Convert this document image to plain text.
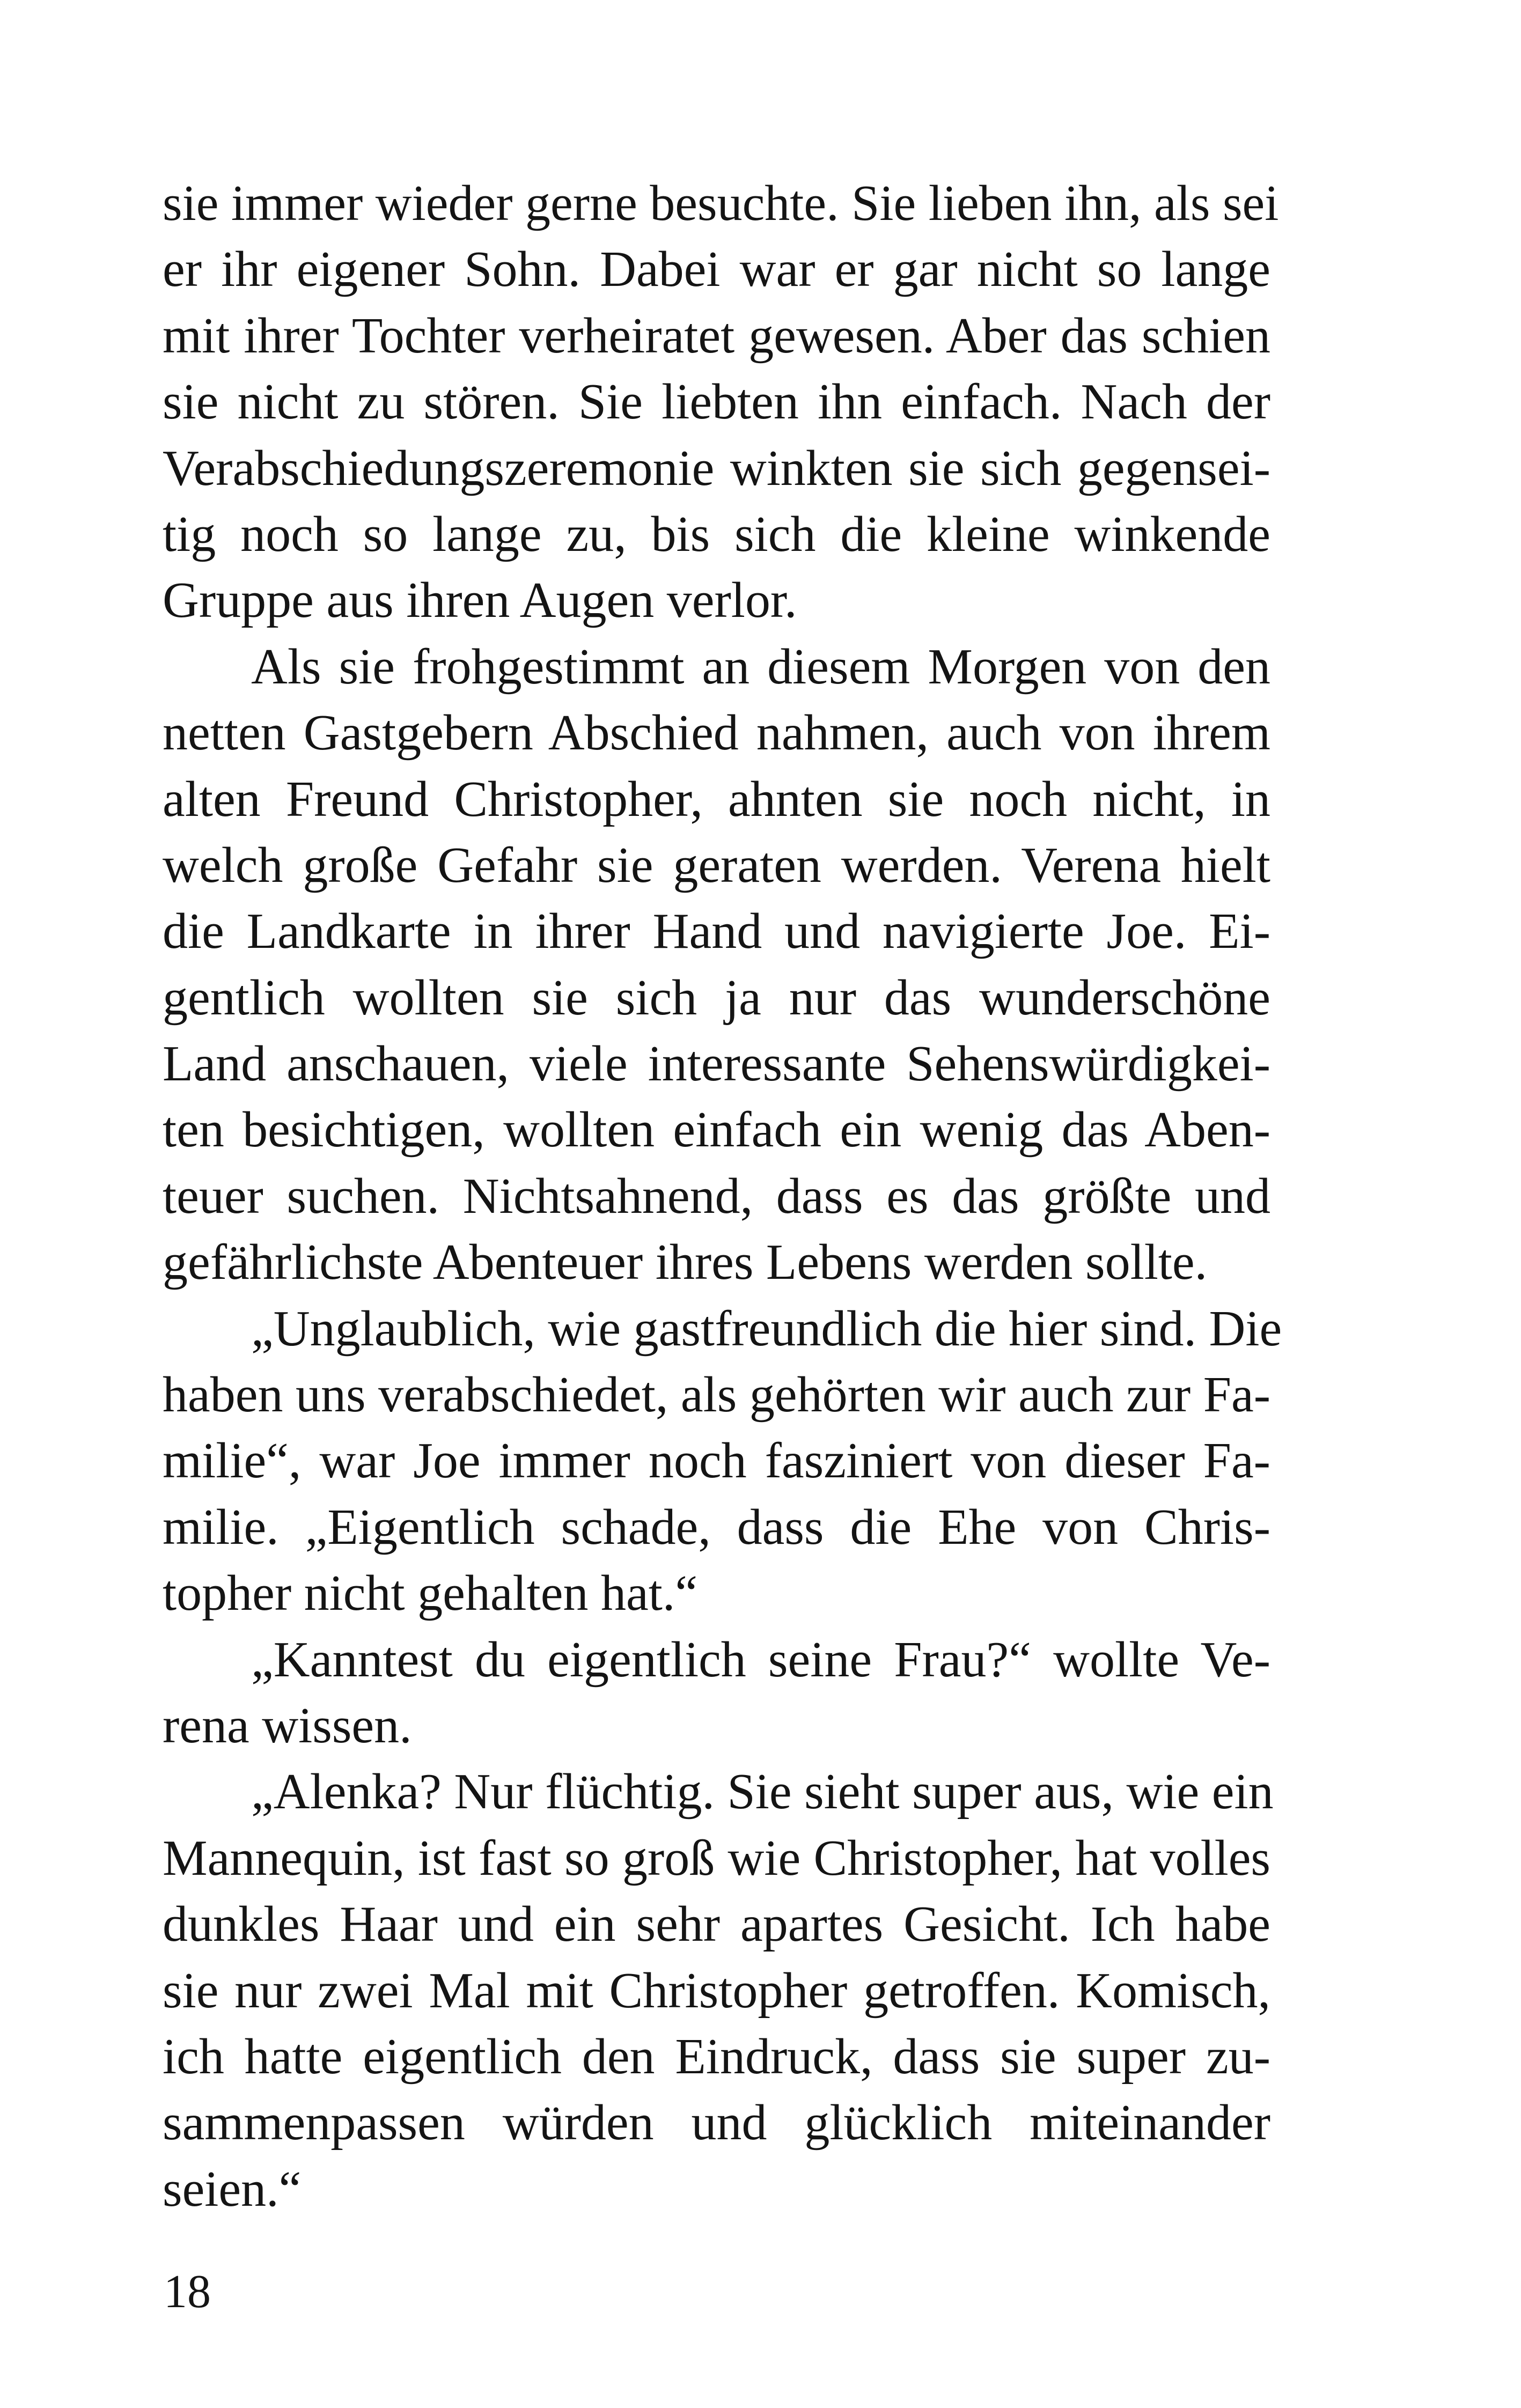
sie immer wieder gerne besuchte. Sie lieben ihn, als sei
er ihr eigener Sohn. Dabei war er gar nicht so lange
mit ihrer Tochter verheiratet gewesen. Aber das schien
sie nicht zu stören. Sie liebten ihn einfach. Nach der
Verabschiedungszeremonie winkten sie sich gegensei-
tig noch so lange zu, bis sich die kleine winkende
Gruppe aus ihren Augen verlor.

Als sie frohgestimmt an diesem Morgen von den
netten Gastgebern Abschied nahmen, auch von ihrem
alten Freund Christopher, ahnten sie noch nicht, in
welch große Gefahr sie geraten werden. Verena hielt
die Landkarte in ihrer Hand und navigierte Joe. Ei-
gentlich wollten sie sich ja nur das wunderschöne
Land anschauen, viele interessante Sehenswürdigkei-
ten besichtigen, wollten einfach ein wenig das Aben-
teuer suchen. Nichtsahnend, dass es das größte und
gefährlichste Abenteuer ihres Lebens werden sollte.

„Unglaublich, wie gastfreundlich die hier sind. Die
haben uns verabschiedet, als gehörten wir auch zur Fa-
milie“, war Joe immer noch fasziniert von dieser Fa-
milie. „Eigentlich schade, dass die Ehe von Chris-
topher nicht gehalten hat.“

„Kanntest du eigentlich seine Frau?“ wollte Ve-
rena wissen.

„Alenka? Nur flüchtig. Sie sieht super aus, wie ein
Mannequin, ist fast so groß wie Christopher, hat volles
dunkles Haar und ein sehr apartes Gesicht. Ich habe
sie nur zwei Mal mit Christopher getroffen. Komisch,
ich hatte eigentlich den Eindruck, dass sie super zu-
sammenpassen würden und glücklich miteinander
seien.“

18
